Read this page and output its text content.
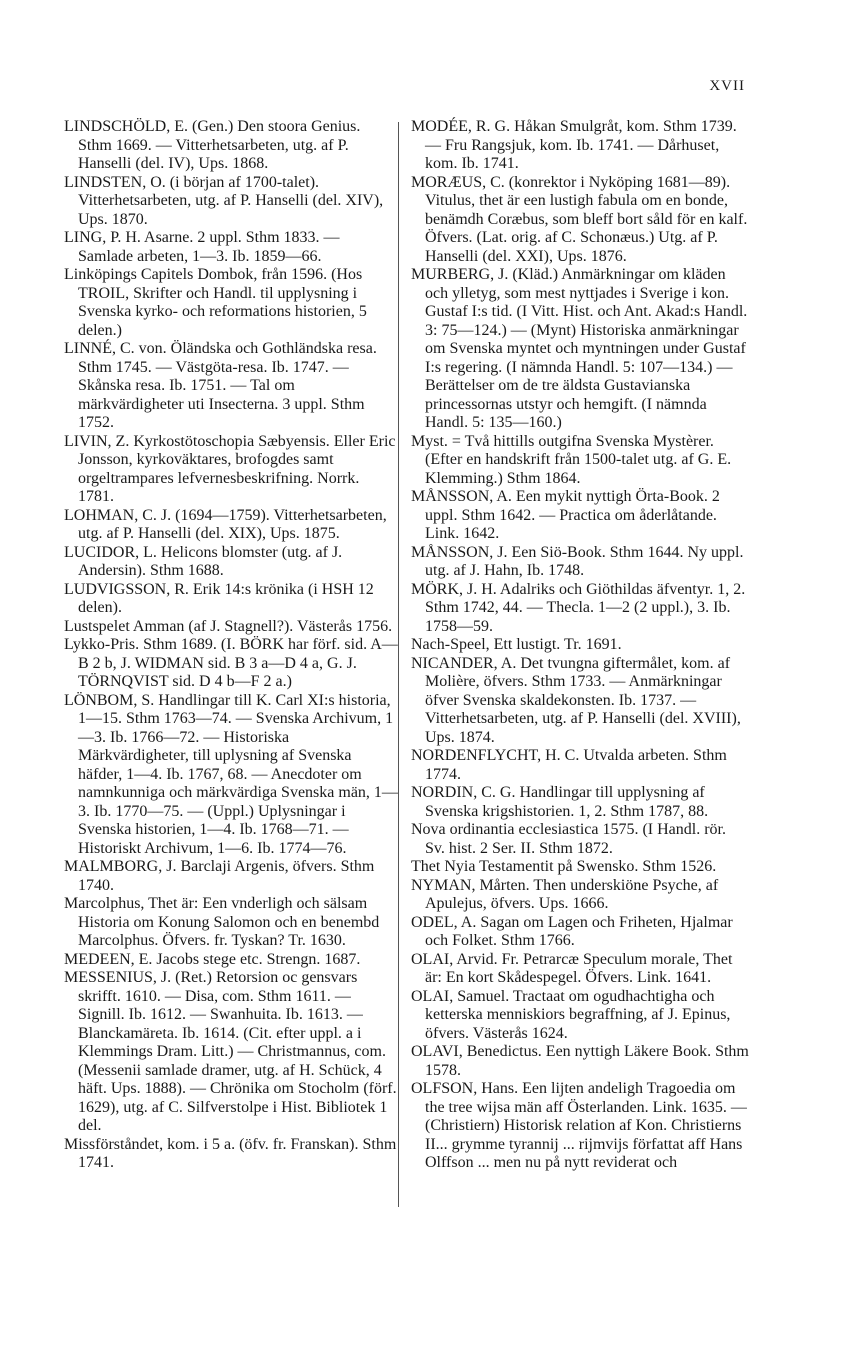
XVII

LINDSCHÖLD, E. (Gen.) Den stoora Genius. Sthm 1669. — Vitterhetsarbeten, utg. af P. Hanselli (del. IV), Ups. 1868.

LINDSTEN, O. (i början af 1700-talet). Vitterhetsarbeten, utg. af P. Hanselli (del. XIV), Ups. 1870.

LING, P. H. Asarne. 2 uppl. Sthm 1833. — Samlade arbeten, 1—3. Ib. 1859—66.

Linköpings Capitels Dombok, från 1596. (Hos TROIL, Skrifter och Handl. til upplysning i Svenska kyrko- och reformations historien, 5 delen.)

LINNÉ, C. von. Öländska och Gothländska resa. Sthm 1745. — Västgöta-resa. Ib. 1747. — Skånska resa. Ib. 1751. — Tal om märkvärdigheter uti Insecterna. 3 uppl. Sthm 1752.

LIVIN, Z. Kyrkostötoschopia Sæbyensis. Eller Eric Jonsson, kyrkoväktares, brofogdes samt orgeltrampares lefvernesbeskrifning. Norrk. 1781.

LOHMAN, C. J. (1694—1759). Vitterhetsarbeten, utg. af P. Hanselli (del. XIX), Ups. 1875.

LUCIDOR, L. Helicons blomster (utg. af J. Andersin). Sthm 1688.

LUDVIGSSON, R. Erik 14:s krönika (i HSH 12 delen).

Lustspelet Amman (af J. Stagnell?). Västerås 1756.

Lykko-Pris. Sthm 1689. (I. BÖRK har förf. sid. A—B 2 b, J. WIDMAN sid. B 3 a—D 4 a, G. J. TÖRNQVIST sid. D 4 b—F 2 a.)

LÖNBOM, S. Handlingar till K. Carl XI:s historia, 1—15. Sthm 1763—74. — Svenska Archivum, 1—3. Ib. 1766—72. — Historiska Märkvärdigheter, till uplysning af Svenska häfder, 1—4. Ib. 1767, 68. — Anecdoter om namnkunniga och märkvärdiga Svenska män, 1—3. Ib. 1770—75. — (Uppl.) Uplysningar i Svenska historien, 1—4. Ib. 1768—71. — Historiskt Archivum, 1—6. Ib. 1774—76.

MALMBORG, J. Barclaji Argenis, öfvers. Sthm 1740.

Marcolphus, Thet är: Een vnderligh och sälsam Historia om Konung Salomon och en benembd Marcolphus. Öfvers. fr. Tyskan? Tr. 1630.

MEDEEN, E. Jacobs stege etc. Strengn. 1687.

MESSENIUS, J. (Ret.) Retorsion oc gensvars skrifft. 1610. — Disa, com. Sthm 1611. — Signill. Ib. 1612. — Swanhuita. Ib. 1613. — Blanckamäreta. Ib. 1614. (Cit. efter uppl. a i Klemmings Dram. Litt.) — Christmannus, com. (Messenii samlade dramer, utg. af H. Schück, 4 häft. Ups. 1888). — Chrönika om Stocholm (förf. 1629), utg. af C. Silfverstolpe i Hist. Bibliotek 1 del.

Missförståndet, kom. i 5 a. (öfv. fr. Franskan). Sthm 1741.

MODÉE, R. G. Håkan Smulgråt, kom. Sthm 1739. — Fru Rangsjuk, kom. Ib. 1741. — Dårhuset, kom. Ib. 1741.

MORÆUS, C. (konrektor i Nyköping 1681—89). Vitulus, thet är een lustigh fabula om en bonde, benämdh Coræbus, som bleff bort såld för en kalf. Öfvers. (Lat. orig. af C. Schonæus.) Utg. af P. Hanselli (del. XXI), Ups. 1876.

MURBERG, J. (Kläd.) Anmärkningar om kläden och ylletyg, som mest nyttjades i Sverige i kon. Gustaf I:s tid. (I Vitt. Hist. och Ant. Akad:s Handl. 3: 75—124.) — (Mynt) Historiska anmärkningar om Svenska myntet och myntningen under Gustaf I:s regering. (I nämnda Handl. 5: 107—134.) — Berättelser om de tre äldsta Gustavianska princessornas utstyr och hemgift. (I nämnda Handl. 5: 135—160.)

Myst. = Två hittills outgifna Svenska Mystèrer. (Efter en handskrift från 1500-talet utg. af G. E. Klemming.) Sthm 1864.

MÅNSSON, A. Een mykit nyttigh Örta-Book. 2 uppl. Sthm 1642. — Practica om åderlåtande. Link. 1642.

MÅNSSON, J. Een Siö-Book. Sthm 1644. Ny uppl. utg. af J. Hahn, Ib. 1748.

MÖRK, J. H. Adalriks och Giöthildas äfventyr. 1, 2. Sthm 1742, 44. — Thecla. 1—2 (2 uppl.), 3. Ib. 1758—59.

Nach-Speel, Ett lustigt. Tr. 1691.

NICANDER, A. Det tvungna giftermålet, kom. af Molière, öfvers. Sthm 1733. — Anmärkningar öfver Svenska skaldekonsten. Ib. 1737. — Vitterhetsarbeten, utg. af P. Hanselli (del. XVIII), Ups. 1874.

NORDENFLYCHT, H. C. Utvalda arbeten. Sthm 1774.

NORDIN, C. G. Handlingar till upplysning af Svenska krigshistorien. 1, 2. Sthm 1787, 88.

Nova ordinantia ecclesiastica 1575. (I Handl. rör. Sv. hist. 2 Ser. II. Sthm 1872.

Thet Nyia Testamentit på Swensko. Sthm 1526.

NYMAN, Mårten. Then underskiöne Psyche, af Apulejus, öfvers. Ups. 1666.

ODEL, A. Sagan om Lagen och Friheten, Hjalmar och Folket. Sthm 1766.

OLAI, Arvid. Fr. Petrarcæ Speculum morale, Thet är: En kort Skådespegel. Öfvers. Link. 1641.

OLAI, Samuel. Tractaat om ogudhachtigha och ketterska menniskiors begraffning, af J. Epinus, öfvers. Västerås 1624.

OLAVI, Benedictus. Een nyttigh Läkere Book. Sthm 1578.

OLFSON, Hans. Een lijten andeligh Tragoedia om the tree wijsa män aff Österlanden. Link. 1635. — (Christiern) Historisk relation af Kon. Christierns II... grymme tyrannij ... rijmvijs författat aff Hans Olffson ... men nu på nytt reviderat och
